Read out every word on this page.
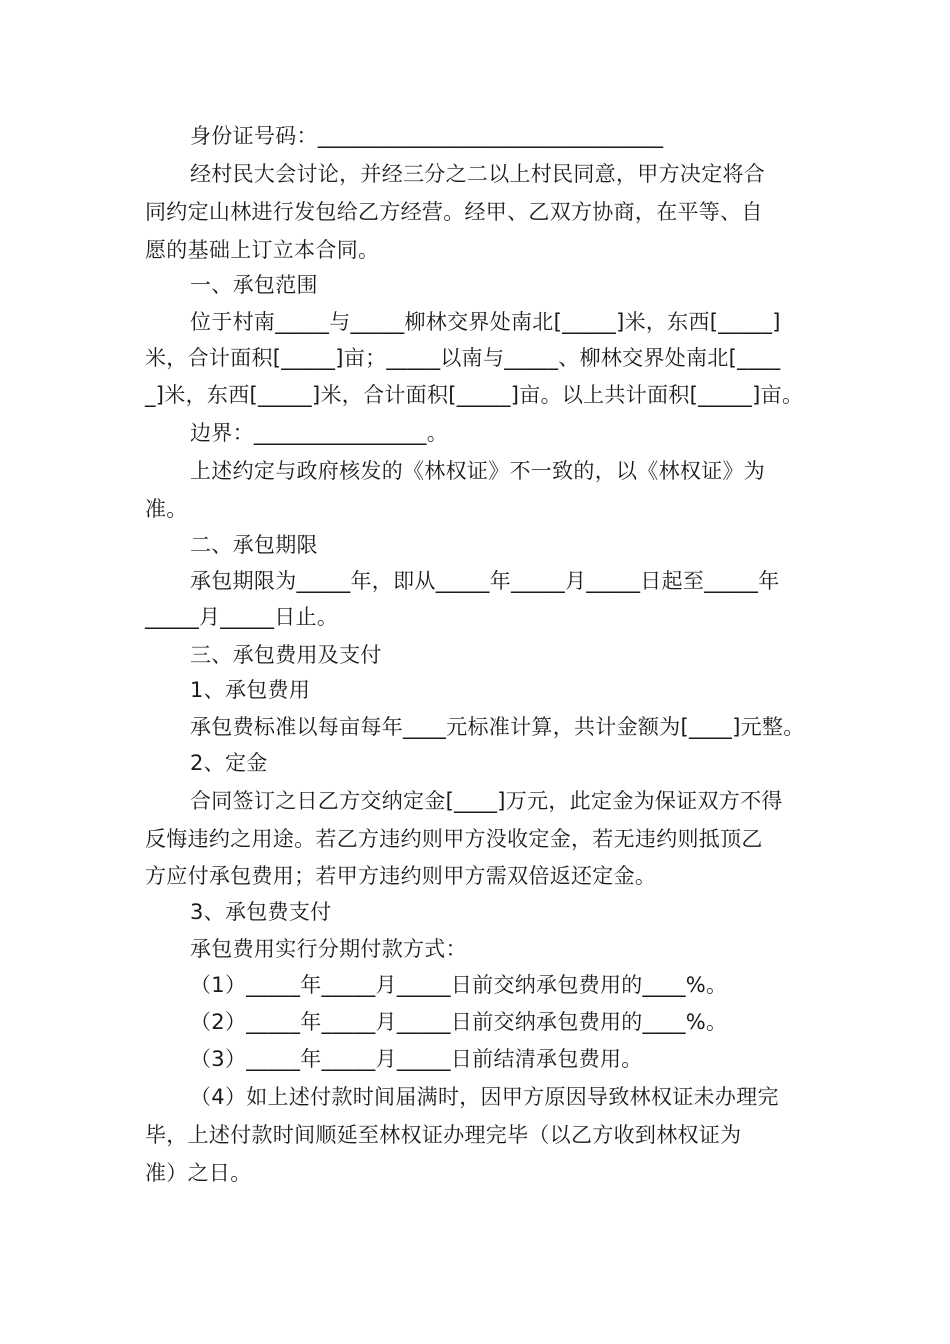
身份证号码：________________________________
经村民大会讨论，并经三分之二以上村民同意，甲方决定将合
同约定山林进行发包给乙方经营。经甲、乙双方协商，在平等、自
愿的基础上订立本合同。
一、承包范围
位于村南_____与_____柳林交界处南北[_____]米，东西[_____]
米，合计面积[_____]亩；_____以南与_____、柳林交界处南北[____
_]米，东西[_____]米，合计面积[_____]亩。以上共计面积[_____]亩。
边界：________________。
上述约定与政府核发的《林权证》不一致的，以《林权证》为
准。
二、承包期限
承包期限为_____年，即从_____年_____月_____日起至_____年
_____月_____日止。
三、承包费用及支付
1、承包费用
承包费标准以每亩每年____元标准计算，共计金额为[____]元整。
2、定金
合同签订之日乙方交纳定金[____]万元，此定金为保证双方不得
反悔违约之用途。若乙方违约则甲方没收定金，若无违约则抵顶乙
方应付承包费用；若甲方违约则甲方需双倍返还定金。
3、承包费支付
承包费用实行分期付款方式：
（1）_____年_____月_____日前交纳承包费用的____%。
（2）_____年_____月_____日前交纳承包费用的____%。
（3）_____年_____月_____日前结清承包费用。
（4）如上述付款时间届满时，因甲方原因导致林权证未办理完
毕，上述付款时间顺延至林权证办理完毕（以乙方收到林权证为
准）之日。
